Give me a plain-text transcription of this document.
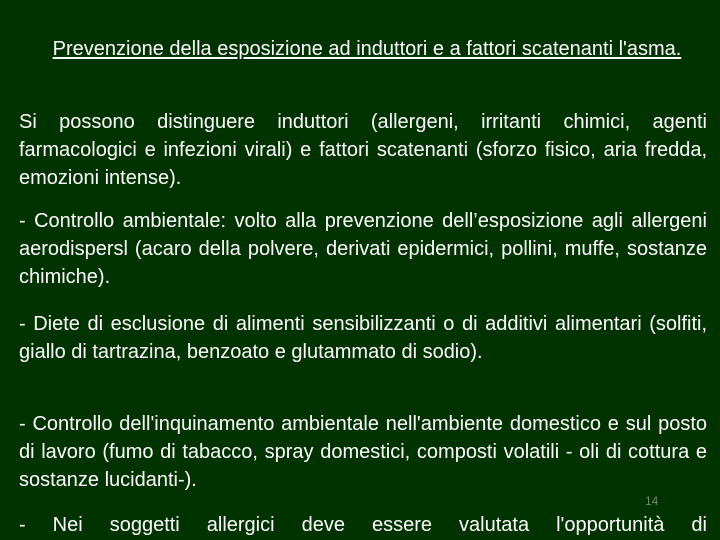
Prevenzione della esposizione ad induttori e a fattori scatenanti l'asma.

Si possono distinguere induttori (allergeni, irritanti chimici, agenti farmacologici e infezioni virali) e fattori scatenanti (sforzo fisico, aria fredda, emozioni intense).

- Controllo ambientale: volto alla prevenzione dell’esposizione agli allergeni aerodispersl (acaro della polvere, derivati epidermici, pollini, muffe, sostanze chimiche).

- Diete di esclusione di alimenti sensibilizzanti o di additivi alimentari (solfiti, giallo di tartrazina, benzoato e glutammato di sodio).

- Controllo dell'inquinamento ambientale nell'ambiente domestico e sul posto di lavoro (fumo di tabacco, spray domestici, composti volatili - oli di cottura e sostanze lucidanti-).

- Nei soggetti allergici deve essere valutata l'opportunità di

14
